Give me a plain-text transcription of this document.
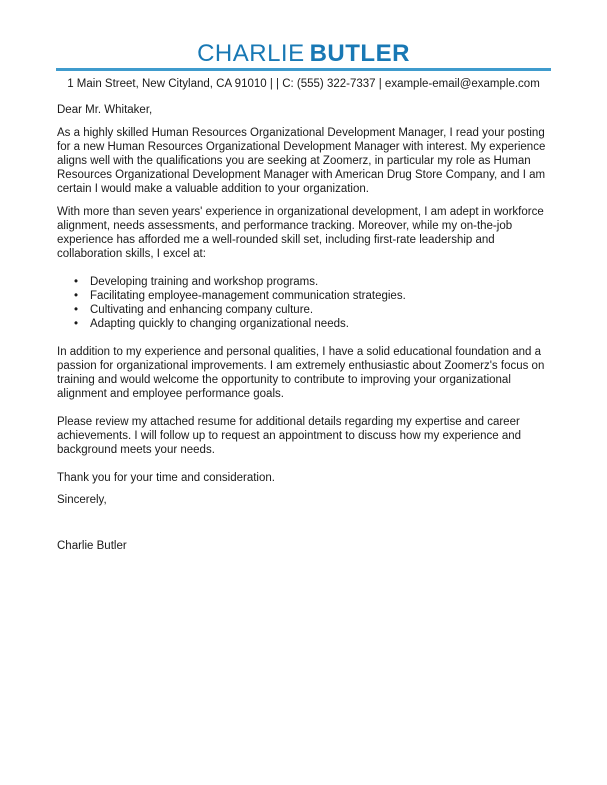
CHARLIE BUTLER
1 Main Street, New Cityland, CA 91010 | | C: (555) 322-7337 | example-email@example.com

Dear Mr. Whitaker,

As a highly skilled Human Resources Organizational Development Manager, I read your posting for a new Human Resources Organizational Development Manager with interest. My experience aligns well with the qualifications you are seeking at Zoomerz, in particular my role as Human Resources Organizational Development Manager with American Drug Store Company, and I am certain I would make a valuable addition to your organization.

With more than seven years' experience in organizational development, I am adept in workforce alignment, needs assessments, and performance tracking. Moreover, while my on-the-job experience has afforded me a well-rounded skill set, including first-rate leadership and collaboration skills, I excel at:

• Developing training and workshop programs.
• Facilitating employee-management communication strategies.
• Cultivating and enhancing company culture.
• Adapting quickly to changing organizational needs.

In addition to my experience and personal qualities, I have a solid educational foundation and a passion for organizational improvements. I am extremely enthusiastic about Zoomerz's focus on training and would welcome the opportunity to contribute to improving your organizational alignment and employee performance goals.

Please review my attached resume for additional details regarding my expertise and career achievements. I will follow up to request an appointment to discuss how my experience and background meets your needs.

Thank you for your time and consideration.

Sincerely,

Charlie Butler
